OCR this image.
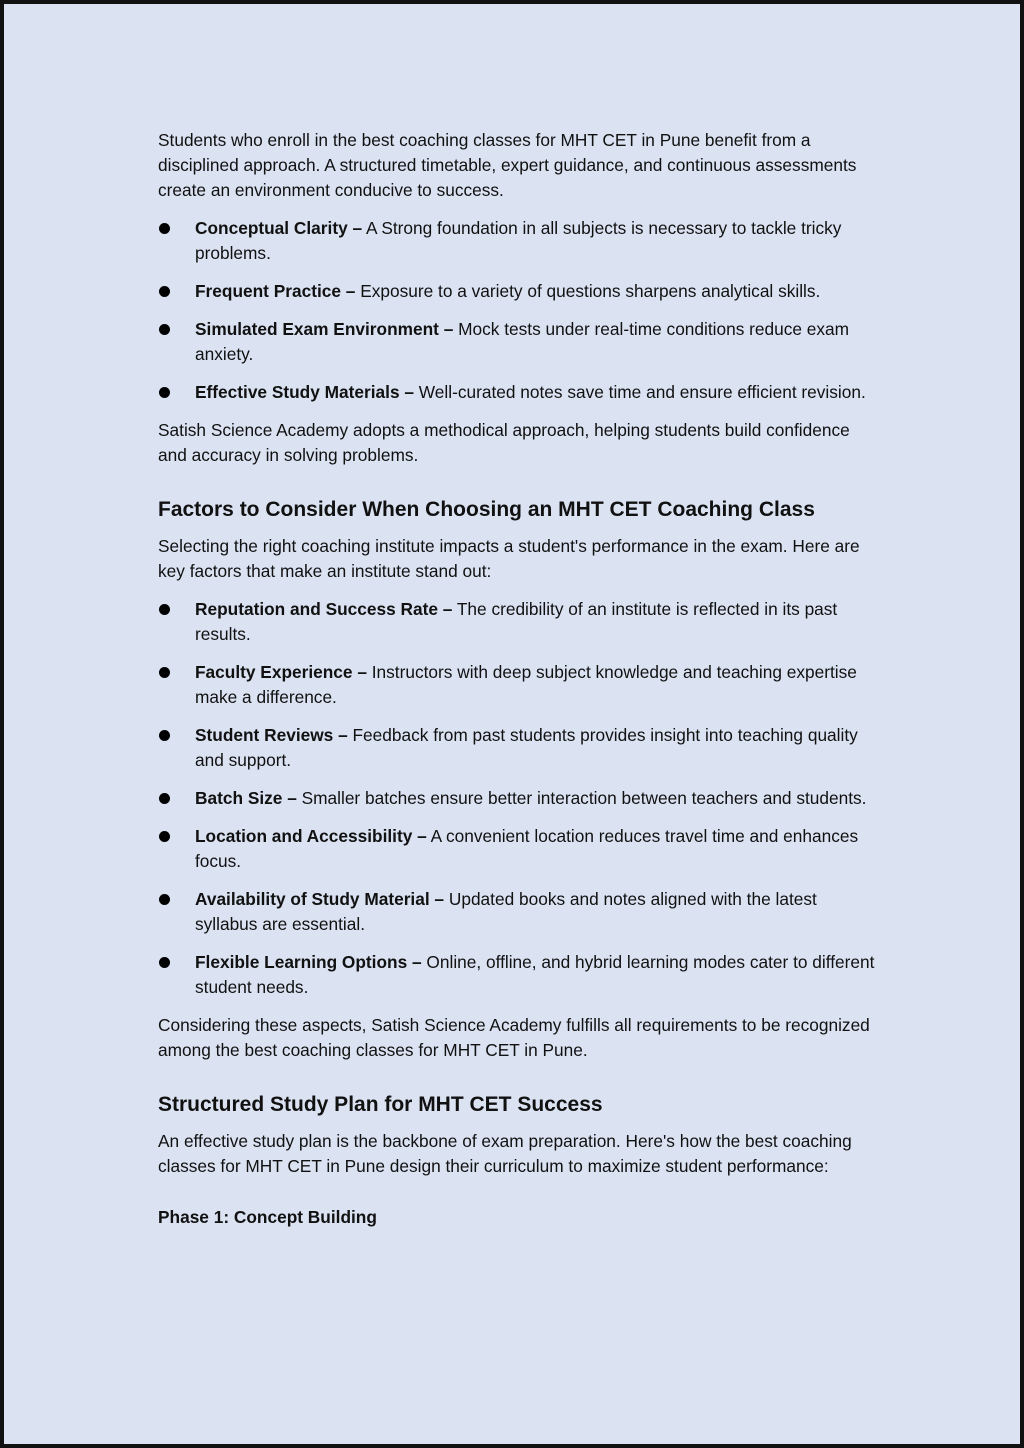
Students who enroll in the best coaching classes for MHT CET in Pune benefit from a disciplined approach. A structured timetable, expert guidance, and continuous assessments create an environment conducive to success.

Conceptual Clarity – A Strong foundation in all subjects is necessary to tackle tricky problems.
Frequent Practice – Exposure to a variety of questions sharpens analytical skills.
Simulated Exam Environment – Mock tests under real-time conditions reduce exam anxiety.
Effective Study Materials – Well-curated notes save time and ensure efficient revision.

Satish Science Academy adopts a methodical approach, helping students build confidence and accuracy in solving problems.

Factors to Consider When Choosing an MHT CET Coaching Class

Selecting the right coaching institute impacts a student's performance in the exam. Here are key factors that make an institute stand out:

Reputation and Success Rate – The credibility of an institute is reflected in its past results.
Faculty Experience – Instructors with deep subject knowledge and teaching expertise make a difference.
Student Reviews – Feedback from past students provides insight into teaching quality and support.
Batch Size – Smaller batches ensure better interaction between teachers and students.
Location and Accessibility – A convenient location reduces travel time and enhances focus.
Availability of Study Material – Updated books and notes aligned with the latest syllabus are essential.
Flexible Learning Options – Online, offline, and hybrid learning modes cater to different student needs.

Considering these aspects, Satish Science Academy fulfills all requirements to be recognized among the best coaching classes for MHT CET in Pune.

Structured Study Plan for MHT CET Success

An effective study plan is the backbone of exam preparation. Here's how the best coaching classes for MHT CET in Pune design their curriculum to maximize student performance:

Phase 1: Concept Building
